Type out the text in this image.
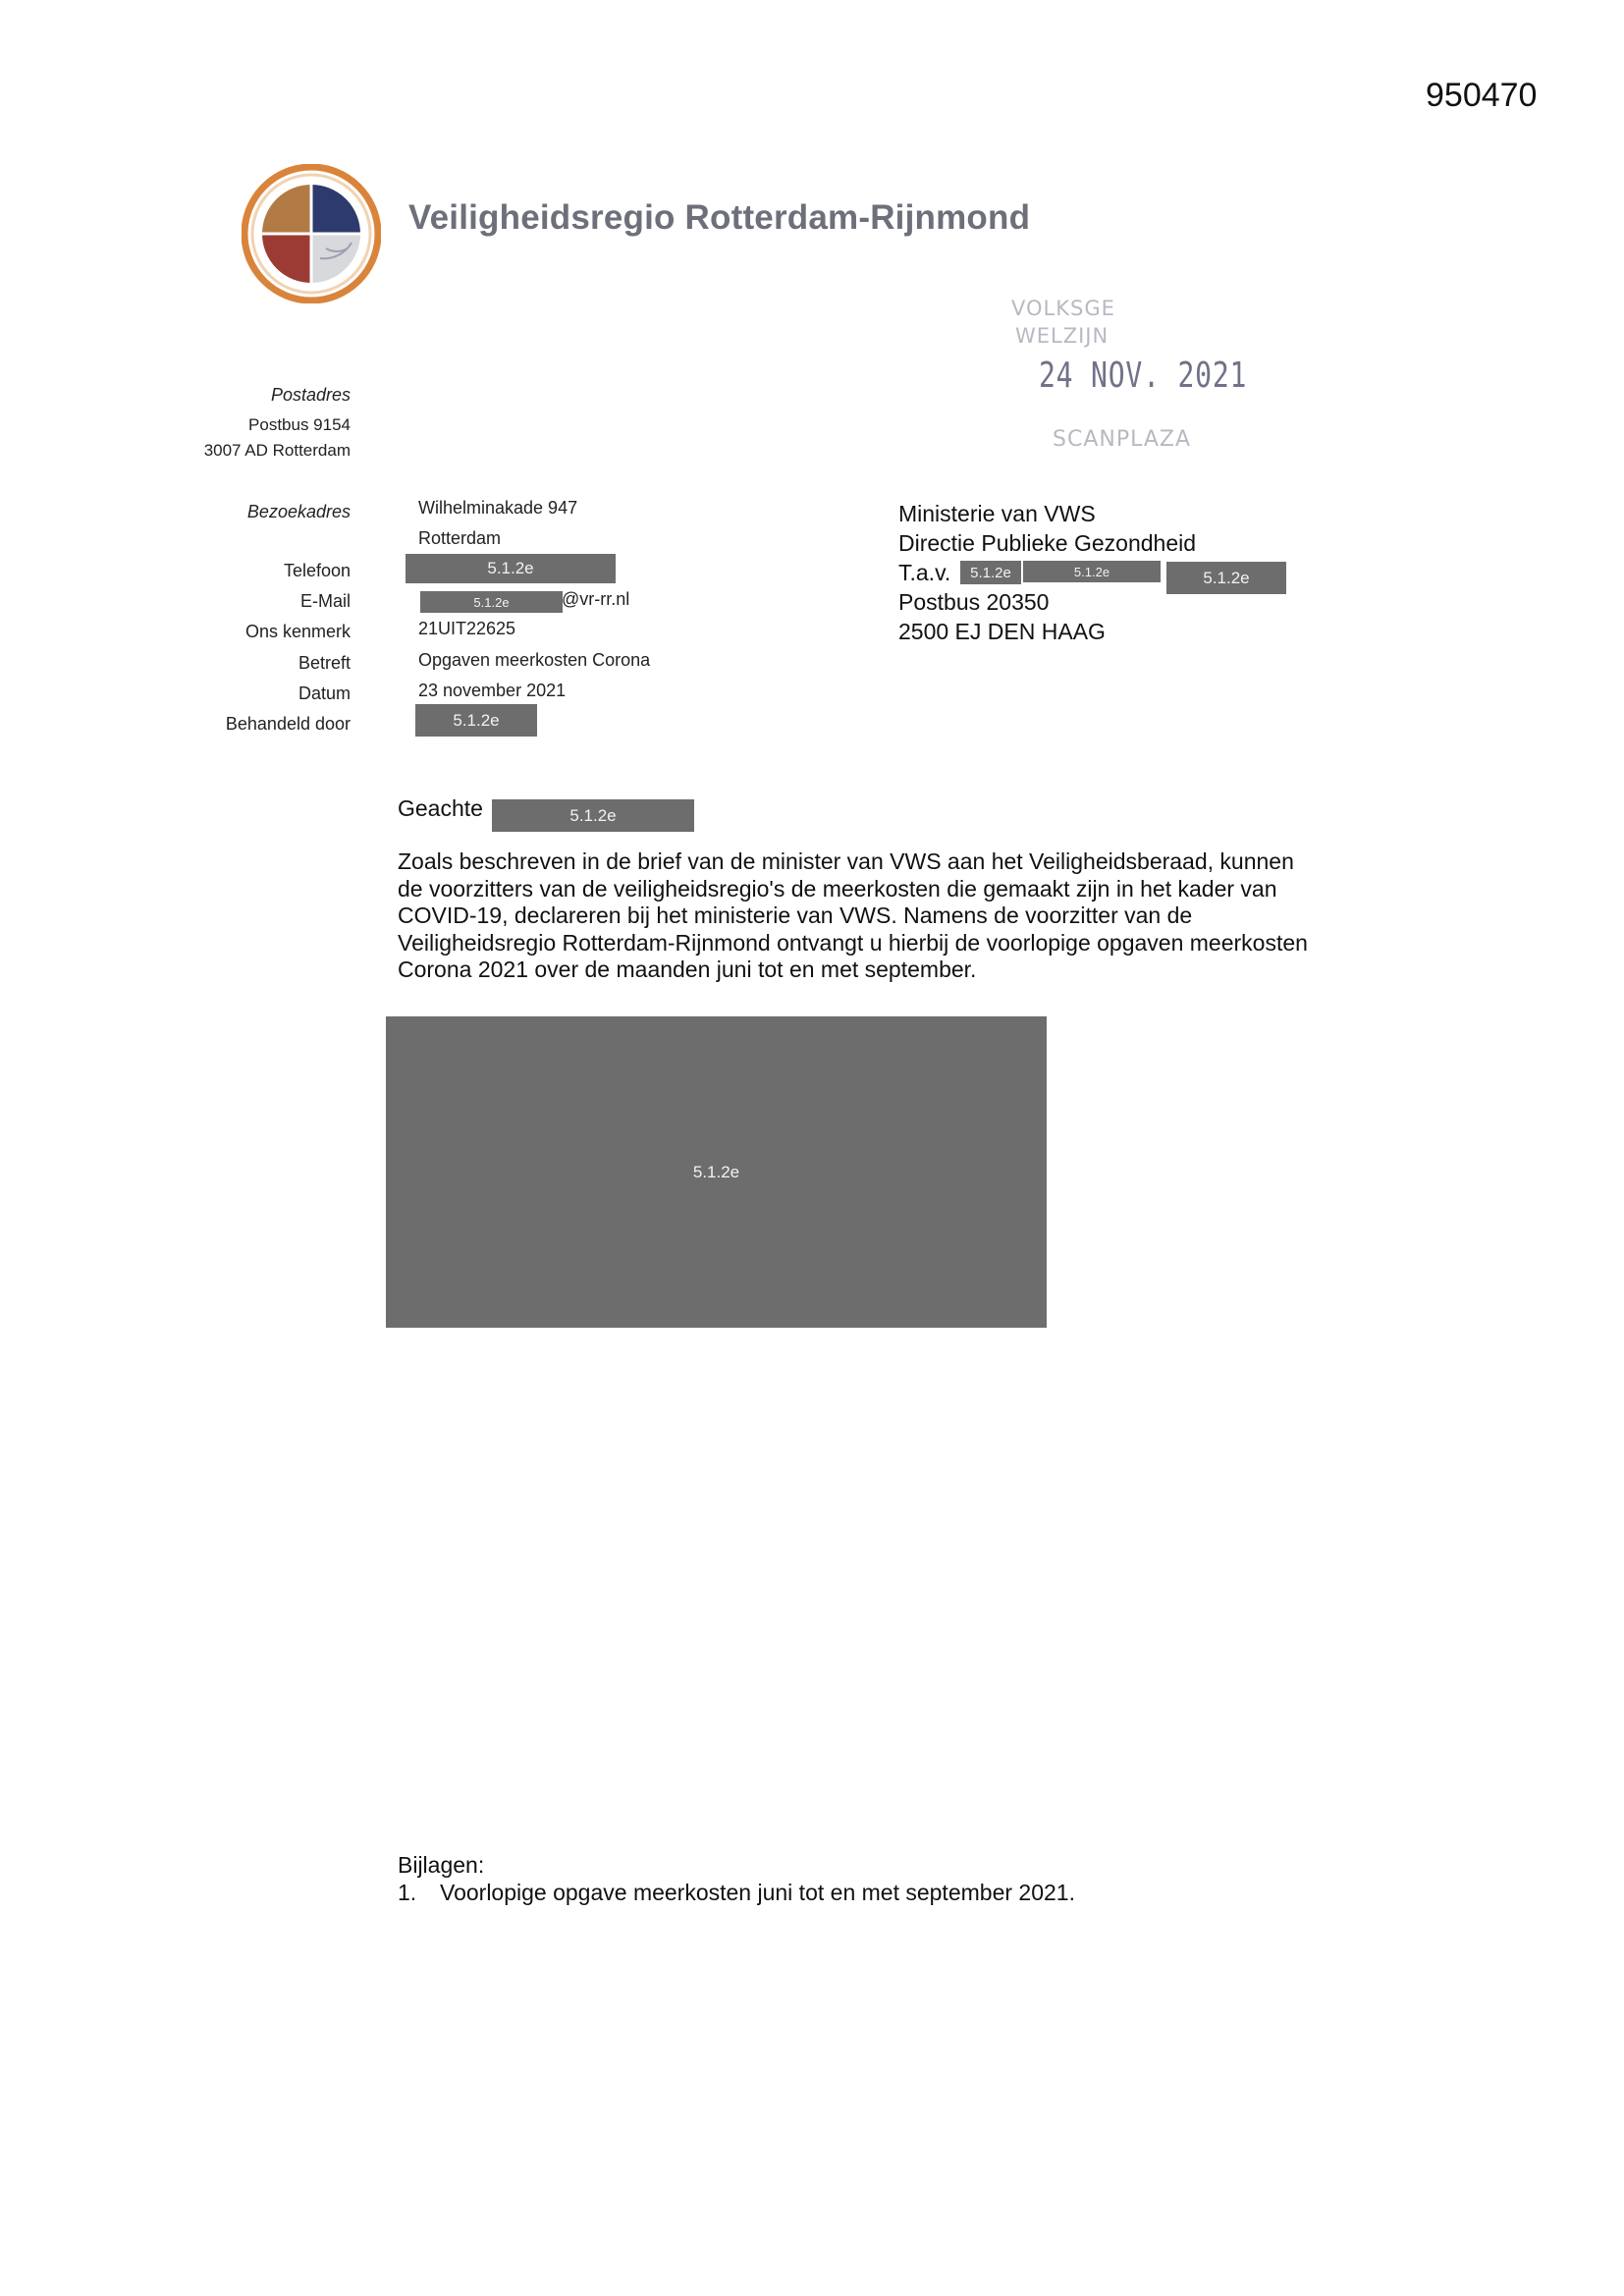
950470
Veiligheidsregio Rotterdam-Rijnmond
VOLKSGE
WELZIJN
24 NOV. 2021
SCANPLAZA
Postadres
Postbus 9154
3007 AD Rotterdam
Bezoekadres	Wilhelminakade 947
Rotterdam
Telefoon	5.1.2e
E-Mail	5.1.2e	@vr-rr.nl
Ons kenmerk	21UIT22625
Betreft	Opgaven meerkosten Corona
Datum	23 november 2021
Behandeld door	5.1.2e
Ministerie van VWS
Directie Publieke Gezondheid
T.a.v.	5.1.2e	5.1.2e	5.1.2e
Postbus 20350
2500 EJ DEN HAAG
Geachte	5.1.2e
Zoals beschreven in de brief van de minister van VWS aan het Veiligheidsberaad, kunnen de voorzitters van de veiligheidsregio's de meerkosten die gemaakt zijn in het kader van COVID-19, declareren bij het ministerie van VWS. Namens de voorzitter van de Veiligheidsregio Rotterdam-Rijnmond ontvangt u hierbij de voorlopige opgaven meerkosten Corona 2021 over de maanden juni tot en met september.
5.1.2e
Bijlagen:
1. Voorlopige opgave meerkosten juni tot en met september 2021.
